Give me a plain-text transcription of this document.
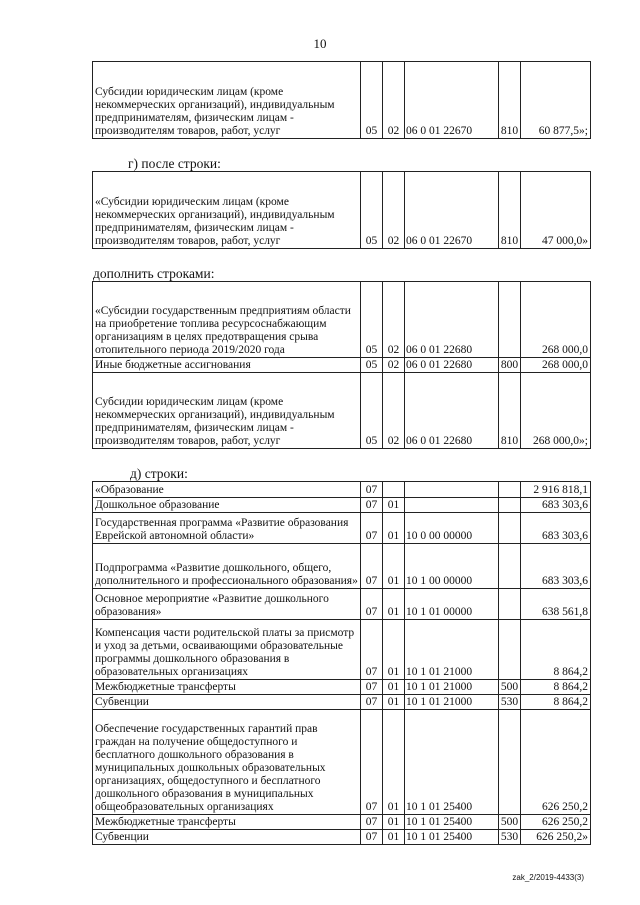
10
Субсидии юридическим лицам (кроме некоммерческих организаций), индивидуальным предпринимателям, физическим лицам - производителям товаров, работ, услуг	05	02	06 0 01 22670	810	60 877,5»;
г) после строки:
«Субсидии юридическим лицам (кроме некоммерческих организаций), индивидуальным предпринимателям, физическим лицам - производителям товаров, работ, услуг	05	02	06 0 01 22670	810	47 000,0»
дополнить строками:
«Субсидии государственным предприятиям области на приобретение топлива ресурсоснабжающим организациям в целях предотвращения срыва отопительного периода 2019/2020 года	05	02	06 0 01 22680		268 000,0
Иные бюджетные ассигнования	05	02	06 0 01 22680	800	268 000,0
Субсидии юридическим лицам (кроме некоммерческих организаций), индивидуальным предпринимателям, физическим лицам - производителям товаров, работ, услуг	05	02	06 0 01 22680	810	268 000,0»;
д) строки:
«Образование	07				2 916 818,1
Дошкольное образование	07	01			683 303,6
Государственная программа «Развитие образования Еврейской автономной области»	07	01	10 0 00 00000		683 303,6
Подпрограмма «Развитие дошкольного, общего, дополнительного и профессионального образования»	07	01	10 1 00 00000		683 303,6
Основное мероприятие «Развитие дошкольного образования»	07	01	10 1 01 00000		638 561,8
Компенсация части родительской платы за присмотр и уход за детьми, осваивающими образовательные программы дошкольного образования в образовательных организациях	07	01	10 1 01 21000		8 864,2
Межбюджетные трансферты	07	01	10 1 01 21000	500	8 864,2
Субвенции	07	01	10 1 01 21000	530	8 864,2
Обеспечение государственных гарантий прав граждан на получение общедоступного и бесплатного дошкольного образования в муниципальных дошкольных образовательных организациях, общедоступного и бесплатного дошкольного образования в муниципальных общеобразовательных организациях	07	01	10 1 01 25400		626 250,2
Межбюджетные трансферты	07	01	10 1 01 25400	500	626 250,2
Субвенции	07	01	10 1 01 25400	530	626 250,2»
zak_2/2019-4433(3)
